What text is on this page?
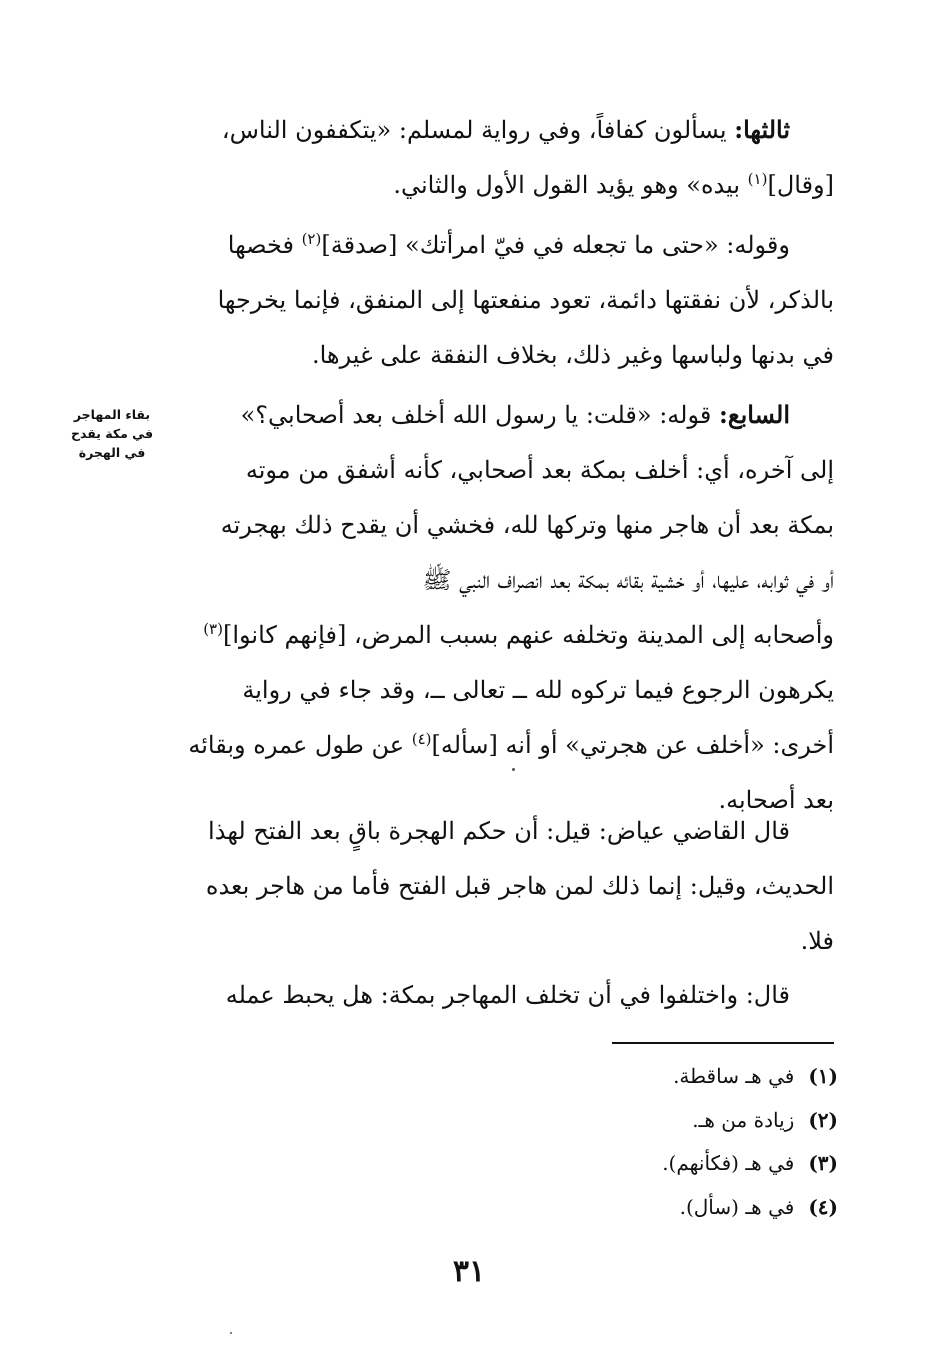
ثالثها: يسألون كفافاً، وفي رواية لمسلم: «يتكففون الناس،
[وقال]$^{(١)}$ بيده» وهو يؤيد القول الأول والثاني.
وقوله: «حتى ما تجعله في فيّ امرأتك» [صدقة]$^{(٢)}$ فخصها
بالذكر، لأن نفقتها دائمة، تعود منفعتها إلى المنفق، فإنما يخرجها
في بدنها ولباسها وغير ذلك، بخلاف النفقة على غيرها.
السابع: قوله: «قلت: يا رسول الله أخلف بعد أصحابي؟»
إلى آخره، أي: أخلف بمكة بعد أصحابي، كأنه أشفق من موته
بمكة بعد أن هاجر منها وتركها لله، فخشي أن يقدح ذلك بهجرته
أو في ثوابه، عليها، أو خشية بقائه بمكة بعد انصراف النبي ﷺ
وأصحابه إلى المدينة وتخلفه عنهم بسبب المرض، [فإنهم كانوا]$^{(٣)}$
يكرهون الرجوع فيما تركوه لله ــ تعالى ــ، وقد جاء في رواية
أخرى: «أخلف عن هجرتي» أو أنه [سأله]$^{(٤)}$ عن طول عمره وبقائه
بعد أصحابه.
بقاء المهاجر
في مكة يقدح
في الهجرة
قال القاضي عياض: قيل: أن حكم الهجرة باقٍ بعد الفتح لهذا
الحديث، وقيل: إنما ذلك لمن هاجر قبل الفتح فأما من هاجر بعده
فلا.
قال: واختلفوا في أن تخلف المهاجر بمكة: هل يحبط عمله
(١)في هـ ساقطة.
(٢)زيادة من هـ.
(٣)في هـ (فكأنهم).
(٤)في هـ (سأل).
٣١
